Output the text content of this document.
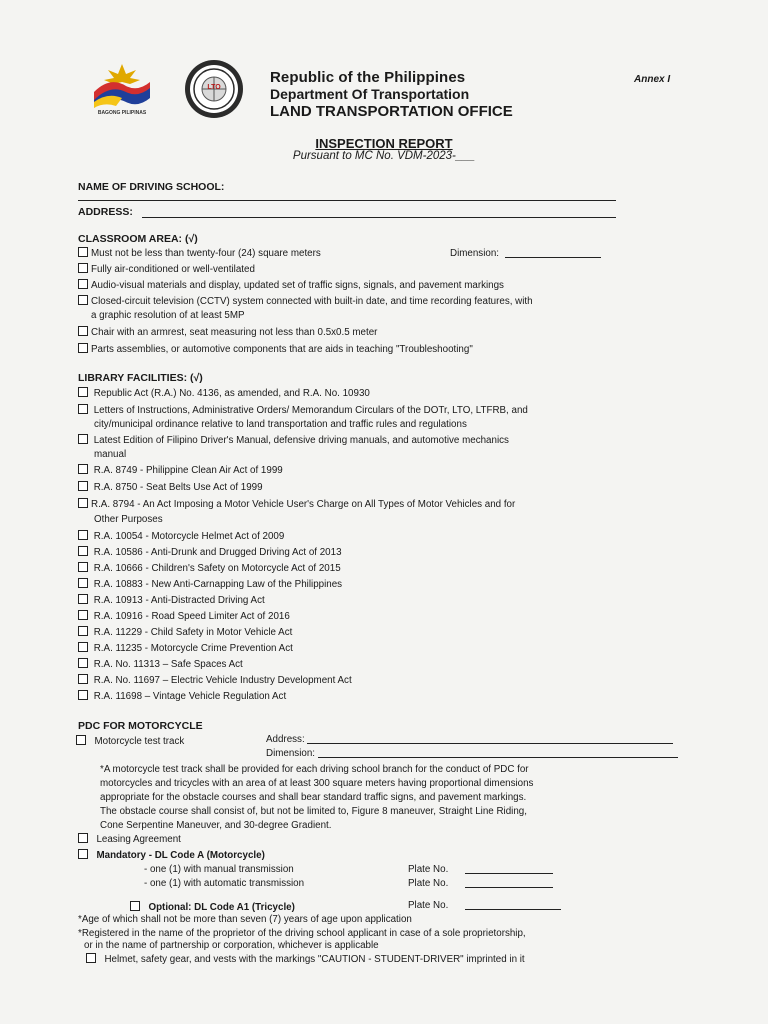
BAGONG PILIPINAS
LTO
Republic of the Philippines
Department Of Transportation
LAND TRANSPORTATION OFFICE
Annex I
INSPECTION REPORT
Pursuant to MC No. VDM-2023-___
NAME OF DRIVING SCHOOL:
ADDRESS:
CLASSROOM AREA: (√)
Must not be less than twenty-four (24) square meters	Dimension:
Fully air-conditioned or well-ventilated
Audio-visual materials and display, updated set of traffic signs, signals, and pavement markings
Closed-circuit television (CCTV) system connected with built-in date, and time recording features, with
a graphic resolution of at least 5MP
Chair with an armrest, seat measuring not less than 0.5x0.5 meter
Parts assemblies, or automotive components that are aids in teaching "Troubleshooting"
LIBRARY FACILITIES: (√)
Republic Act (R.A.) No. 4136, as amended, and R.A. No. 10930
Letters of Instructions, Administrative Orders/ Memorandum Circulars of the DOTr, LTO, LTFRB, and
city/municipal ordinance relative to land transportation and traffic rules and regulations
Latest Edition of Filipino Driver's Manual, defensive driving manuals, and automotive mechanics
manual
R.A. 8749 - Philippine Clean Air Act of 1999
R.A. 8750 - Seat Belts Use Act of 1999
R.A. 8794 - An Act Imposing a Motor Vehicle User's Charge on All Types of Motor Vehicles and for
Other Purposes
R.A. 10054 - Motorcycle Helmet Act of 2009
R.A. 10586 - Anti-Drunk and Drugged Driving Act of 2013
R.A. 10666 - Children's Safety on Motorcycle Act of 2015
R.A. 10883 - New Anti-Carnapping Law of the Philippines
R.A. 10913 - Anti-Distracted Driving Act
R.A. 10916 - Road Speed Limiter Act of 2016
R.A. 11229 - Child Safety in Motor Vehicle Act
R.A. 11235 - Motorcycle Crime Prevention Act
R.A. No. 11313 – Safe Spaces Act
R.A. No. 11697 – Electric Vehicle Industry Development Act
R.A. 11698 – Vintage Vehicle Regulation Act
PDC FOR MOTORCYCLE
Motorcycle test track	Address:
Dimension:
*A motorcycle test track shall be provided for each driving school branch for the conduct of PDC for
motorcycles and tricycles with an area of at least 300 square meters having proportional dimensions
appropriate for the obstacle courses and shall bear standard traffic signs, and pavement markings.
The obstacle course shall consist of, but not be limited to, Figure 8 maneuver, Straight Line Riding,
Cone Serpentine Maneuver, and 30-degree Gradient.
Leasing Agreement
Mandatory - DL Code A (Motorcycle)
- one (1) with manual transmission	Plate No.
- one (1) with automatic transmission	Plate No.
Optional: DL Code A1 (Tricycle)	Plate No.
*Age of which shall not be more than seven (7) years of age upon application
*Registered in the name of the proprietor of the driving school applicant in case of a sole proprietorship,
or in the name of partnership or corporation, whichever is applicable
Helmet, safety gear, and vests with the markings "CAUTION - STUDENT-DRIVER" imprinted in it
